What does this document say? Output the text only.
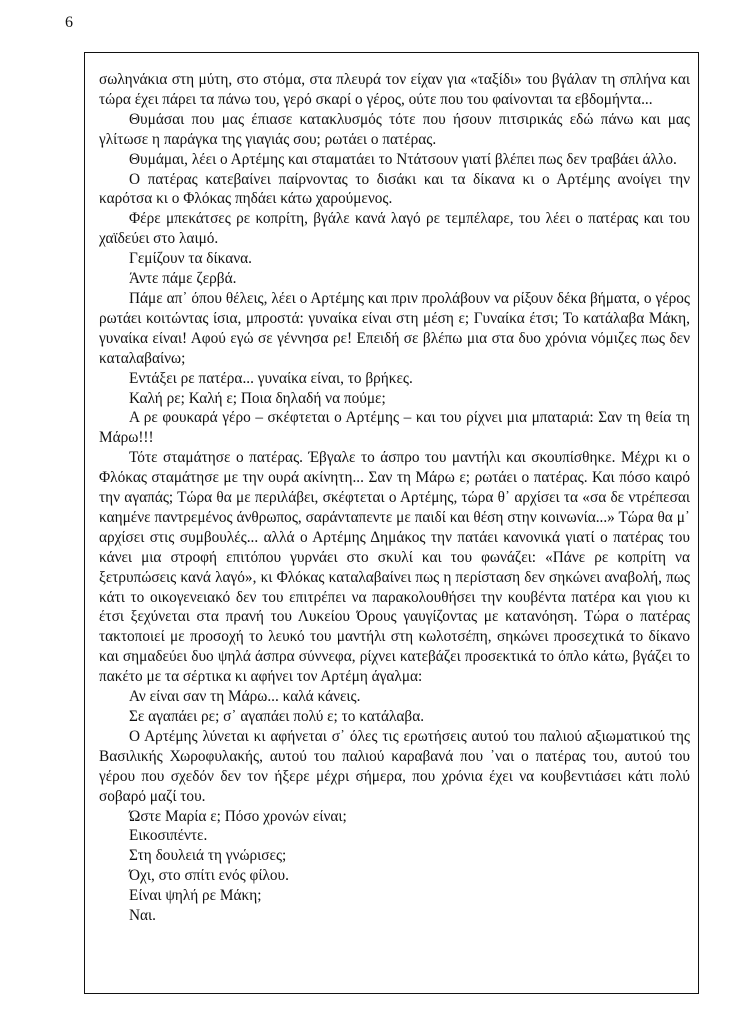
6

σωληνάκια στη μύτη, στο στόμα, στα πλευρά τον είχαν για «ταξίδι» του βγάλαν τη σπλήνα και τώρα έχει πάρει τα πάνω του, γερό σκαρί ο γέρος, ούτε που του φαίνονται τα εβδομήντα...

Θυμάσαι που μας έπιασε κατακλυσμός τότε που ήσουν πιτσιρικάς εδώ πάνω και μας γλίτωσε η παράγκα της γιαγιάς σου; ρωτάει ο πατέρας.

Θυμάμαι, λέει ο Αρτέμης και σταματάει το Ντάτσουν γιατί βλέπει πως δεν τραβάει άλλο.

Ο πατέρας κατεβαίνει παίρνοντας το δισάκι και τα δίκανα κι ο Αρτέμης ανοίγει την καρότσα κι ο Φλόκας πηδάει κάτω χαρούμενος.

Φέρε μπεκάτσες ρε κοπρίτη, βγάλε κανά λαγό ρε τεμπέλαρε, του λέει ο πατέρας και του χαϊδεύει στο λαιμό.

Γεμίζουν τα δίκανα.

Άντε πάμε ζερβά.

Πάμε απ᾽ όπου θέλεις, λέει ο Αρτέμης και πριν προλάβουν να ρίξουν δέκα βήματα, ο γέρος ρωτάει κοιτώντας ίσια, μπροστά: γυναίκα είναι στη μέση ε; Γυναίκα έτσι; Το κατάλαβα Μάκη, γυναίκα είναι! Αφού εγώ σε γέννησα ρε! Επειδή σε βλέπω μια στα δυο χρόνια νόμιζες πως δεν καταλαβαίνω;

Εντάξει ρε πατέρα... γυναίκα είναι, το βρήκες.

Καλή ρε; Καλή ε; Ποια δηλαδή να πούμε;

Α ρε φουκαρά γέρο – σκέφτεται ο Αρτέμης – και του ρίχνει μια μπαταριά: Σαν τη θεία τη Μάρω!!!

Τότε σταμάτησε ο πατέρας. Έβγαλε το άσπρο του μαντήλι και σκουπίσθηκε. Μέχρι κι ο Φλόκας σταμάτησε με την ουρά ακίνητη... Σαν τη Μάρω ε; ρωτάει ο πατέρας. Και πόσο καιρό την αγαπάς; Τώρα θα με περιλάβει, σκέφτεται ο Αρτέμης, τώρα θ᾽ αρχίσει τα «σα δε ντρέπεσαι καημένε παντρεμένος άνθρωπος, σαράνταπεντε με παιδί και θέση στην κοινωνία...» Τώρα θα μ᾽ αρχίσει στις συμβουλές... αλλά ο Αρτέμης Δημάκος την πατάει κανονικά γιατί ο πατέρας του κάνει μια στροφή επιτόπου γυρνάει στο σκυλί και του φωνάζει: «Πάνε ρε κοπρίτη να ξετρυπώσεις κανά λαγό», κι Φλόκας καταλαβαίνει πως η περίσταση δεν σηκώνει αναβολή, πως κάτι το οικογενειακό δεν του επιτρέπει να παρακολουθήσει την κουβέντα πατέρα και γιου κι έτσι ξεχύνεται στα πρανή του Λυκείου Όρους γαυγίζοντας με κατανόηση. Τώρα ο πατέρας τακτοποιεί με προσοχή το λευκό του μαντήλι στη κωλοτσέπη, σηκώνει προσεχτικά το δίκανο και σημαδεύει δυο ψηλά άσπρα σύννεφα, ρίχνει κατεβάζει προσεκτικά το όπλο κάτω, βγάζει το πακέτο με τα σέρτικα κι αφήνει τον Αρτέμη άγαλμα:

Αν είναι σαν τη Μάρω... καλά κάνεις.

Σε αγαπάει ρε; σ᾽ αγαπάει πολύ ε; το κατάλαβα.

Ο Αρτέμης λύνεται κι αφήνεται σ᾽ όλες τις ερωτήσεις αυτού του παλιού αξιωματικού της Βασιλικής Χωροφυλακής, αυτού του παλιού καραβανά που ᾽ναι ο πατέρας του, αυτού του γέρου που σχεδόν δεν τον ήξερε μέχρι σήμερα, που χρόνια έχει να κουβεντιάσει κάτι πολύ σοβαρό μαζί του.

Ώστε Μαρία ε; Πόσο χρονών είναι;

Εικοσιπέντε.

Στη δουλειά τη γνώρισες;

Όχι, στο σπίτι ενός φίλου.

Είναι ψηλή ρε Μάκη;

Ναι.
